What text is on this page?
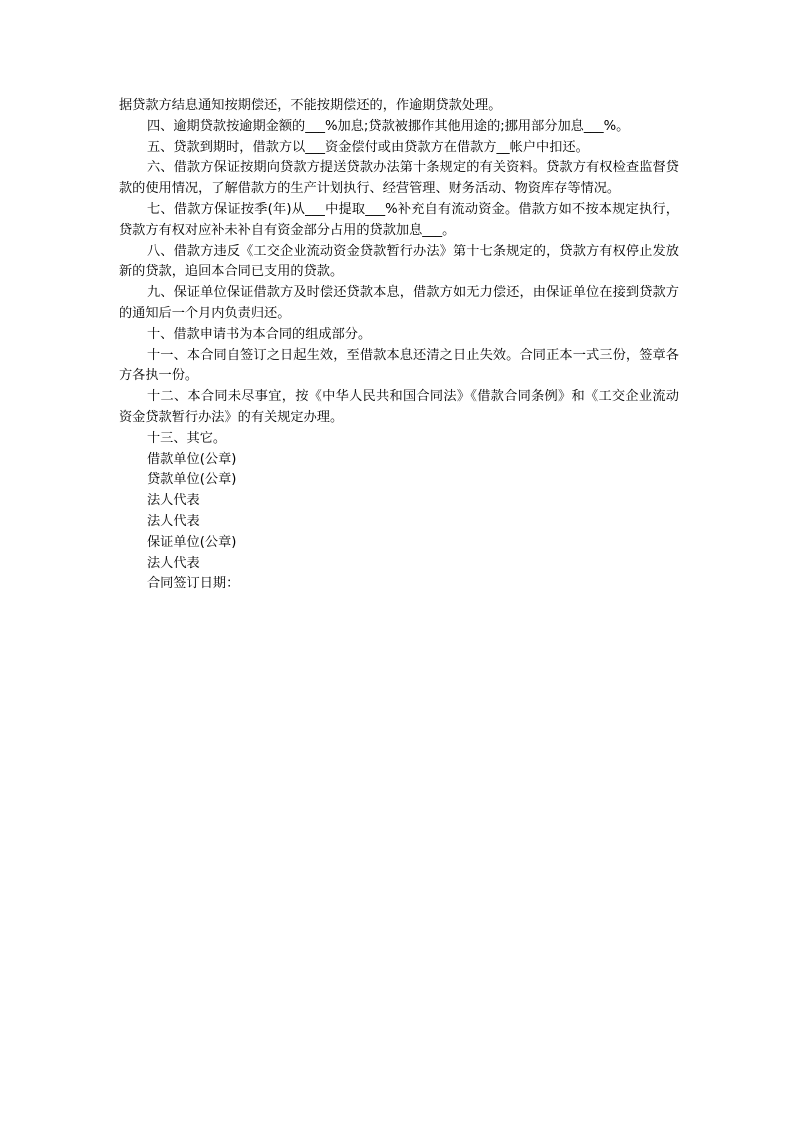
据贷款方结息通知按期偿还，不能按期偿还的，作逾期贷款处理。

四、逾期贷款按逾期金额的___%加息;贷款被挪作其他用途的;挪用部分加息___%。

五、贷款到期时，借款方以___资金偿付或由贷款方在借款方__帐户中扣还。

六、借款方保证按期向贷款方提送贷款办法第十条规定的有关资料。贷款方有权检查监督贷款的使用情况，了解借款方的生产计划执行、经营管理、财务活动、物资库存等情况。

七、借款方保证按季(年)从___中提取___%补充自有流动资金。借款方如不按本规定执行，贷款方有权对应补未补自有资金部分占用的贷款加息___。

八、借款方违反《工交企业流动资金贷款暂行办法》第十七条规定的，贷款方有权停止发放新的贷款，追回本合同已支用的贷款。

九、保证单位保证借款方及时偿还贷款本息，借款方如无力偿还，由保证单位在接到贷款方的通知后一个月内负责归还。

十、借款申请书为本合同的组成部分。

十一、本合同自签订之日起生效，至借款本息还清之日止失效。合同正本一式三份，签章各方各执一份。

十二、本合同未尽事宜，按《中华人民共和国合同法》《借款合同条例》和《工交企业流动资金贷款暂行办法》的有关规定办理。

十三、其它。

借款单位(公章)

贷款单位(公章)

法人代表

法人代表

保证单位(公章)

法人代表

合同签订日期：
